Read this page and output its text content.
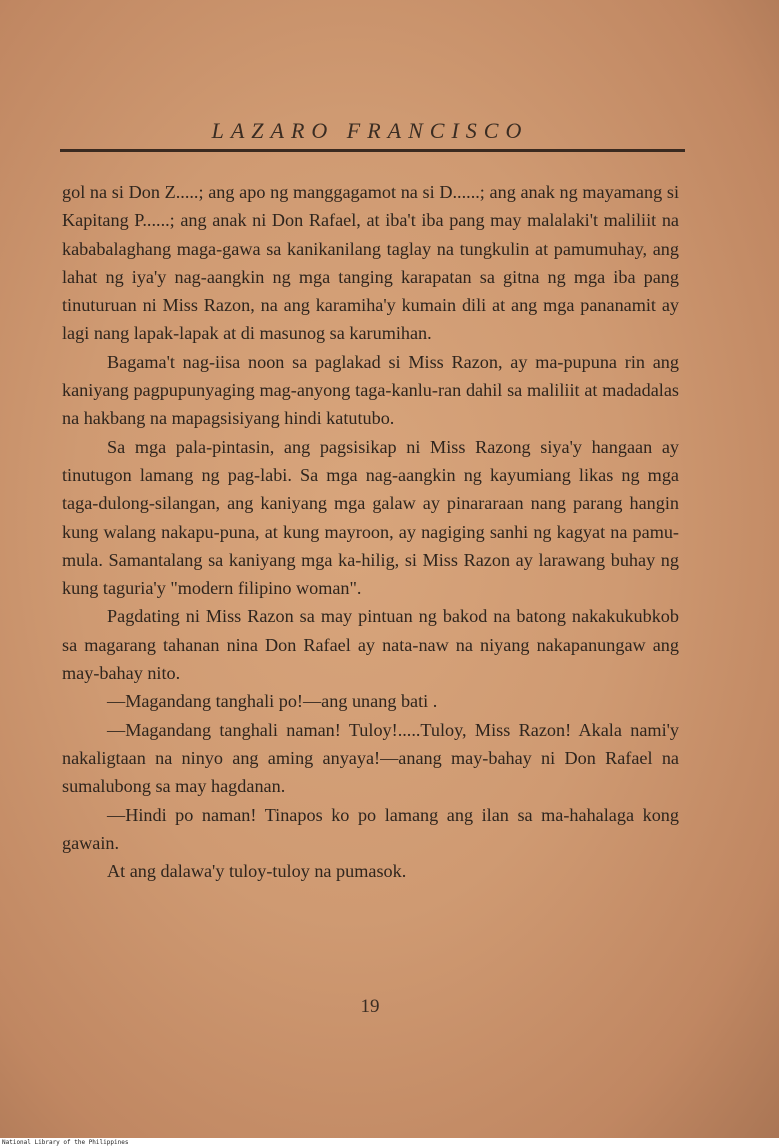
LAZARO FRANCISCO

gol na si Don Z.....; ang apo ng manggagamot na si D......; ang anak ng mayamang si Kapitang P......; ang anak ni Don Rafael, at iba't iba pang may malalaki't maliliit na kababalaghang maga-gawa sa kanikanilang taglay na tungkulin at pamumuhay, ang lahat ng iya'y nag-aangkin ng mga tanging karapatan sa gitna ng mga iba pang tinuturuan ni Miss Razon, na ang karamiha'y kumain dili at ang mga pananamit ay lagi nang lapak-lapak at di masunog sa karumihan.

Bagama't nag-iisa noon sa paglakad si Miss Razon, ay ma-pupuna rin ang kaniyang pagpupunyaging mag-anyong taga-kanlu-ran dahil sa maliliit at madadalas na hakbang na mapagsisiyang hindi katutubo.

Sa mga pala-pintasin, ang pagsisikap ni Miss Razong siya'y hangaan ay tinutugon lamang ng pag-labi. Sa mga nag-aangkin ng kayumiang likas ng mga taga-dulong-silangan, ang kaniyang mga galaw ay pinararaan nang parang hangin kung walang nakapu-puna, at kung mayroon, ay nagiging sanhi ng kagyat na pamu-mula. Samantalang sa kaniyang mga ka-hilig, si Miss Razon ay larawang buhay ng kung taguria'y "modern filipino woman".

Pagdating ni Miss Razon sa may pintuan ng bakod na batong nakakukubkob sa magarang tahanan nina Don Rafael ay nata-naw na niyang nakapanungaw ang may-bahay nito.

—Magandang tanghali po!—ang unang bati .

—Magandang tanghali naman! Tuloy!.....Tuloy, Miss Razon! Akala nami'y nakaligtaan na ninyo ang aming anyaya!—anang may-bahay ni Don Rafael na sumalubong sa may hagdanan.

—Hindi po naman! Tinapos ko po lamang ang ilan sa ma-hahalaga kong gawain.

At ang dalawa'y tuloy-tuloy na pumasok.

19
National Library of the Philippines
